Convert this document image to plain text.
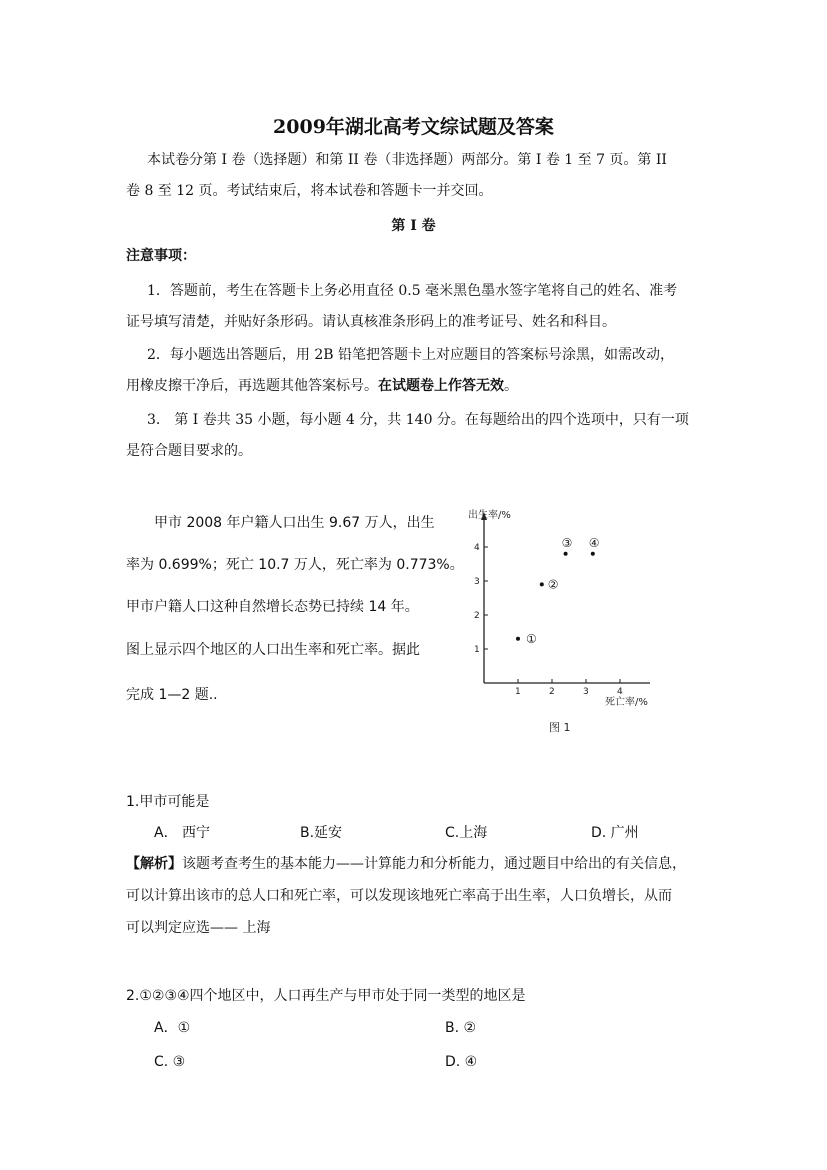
2009年湖北高考文综试题及答案
本试卷分第 I 卷（选择题）和第 II 卷（非选择题）两部分。第 I 卷 1 至 7 页。第 II
卷 8 至 12 页。考试结束后，将本试卷和答题卡一并交回。
第 I 卷
注意事项：
1．答题前，考生在答题卡上务必用直径 0.5 毫米黑色墨水签字笔将自己的姓名、准考
证号填写清楚，并贴好条形码。请认真核准条形码上的准考证号、姓名和科目。
2．每小题选出答题后，用 2B 铅笔把答题卡上对应题目的答案标号涂黑，如需改动，
用橡皮擦干净后，再选题其他答案标号。在试题卷上作答无效。
3.　第 I 卷共 35 小题，每小题 4 分，共 140 分。在每题给出的四个选项中，只有一项
是符合题目要求的。
甲市 2008 年户籍人口出生 9.67 万人，出生
率为 0.699%；死亡 10.7 万人，死亡率为 0.773%。
甲市户籍人口这种自然增长态势已持续 14 年。
图上显示四个地区的人口出生率和死亡率。据此
完成 1—2 题..
出生率/%
死亡率/%
图 1
1	2	3	4
1
2
3
4
①
②
③ ④
1.甲市可能是
A． 西宁	B.延安	C.上海	D. 广州
【解析】该题考查考生的基本能力——计算能力和分析能力，通过题目中给出的有关信息，
可以计算出该市的总人口和死亡率，可以发现该地死亡率高于出生率，人口负增长，从而
可以判定应选—— 上海
2.①②③④四个地区中，人口再生产与甲市处于同一类型的地区是
A．①	B. ②
C. ③	D. ④
